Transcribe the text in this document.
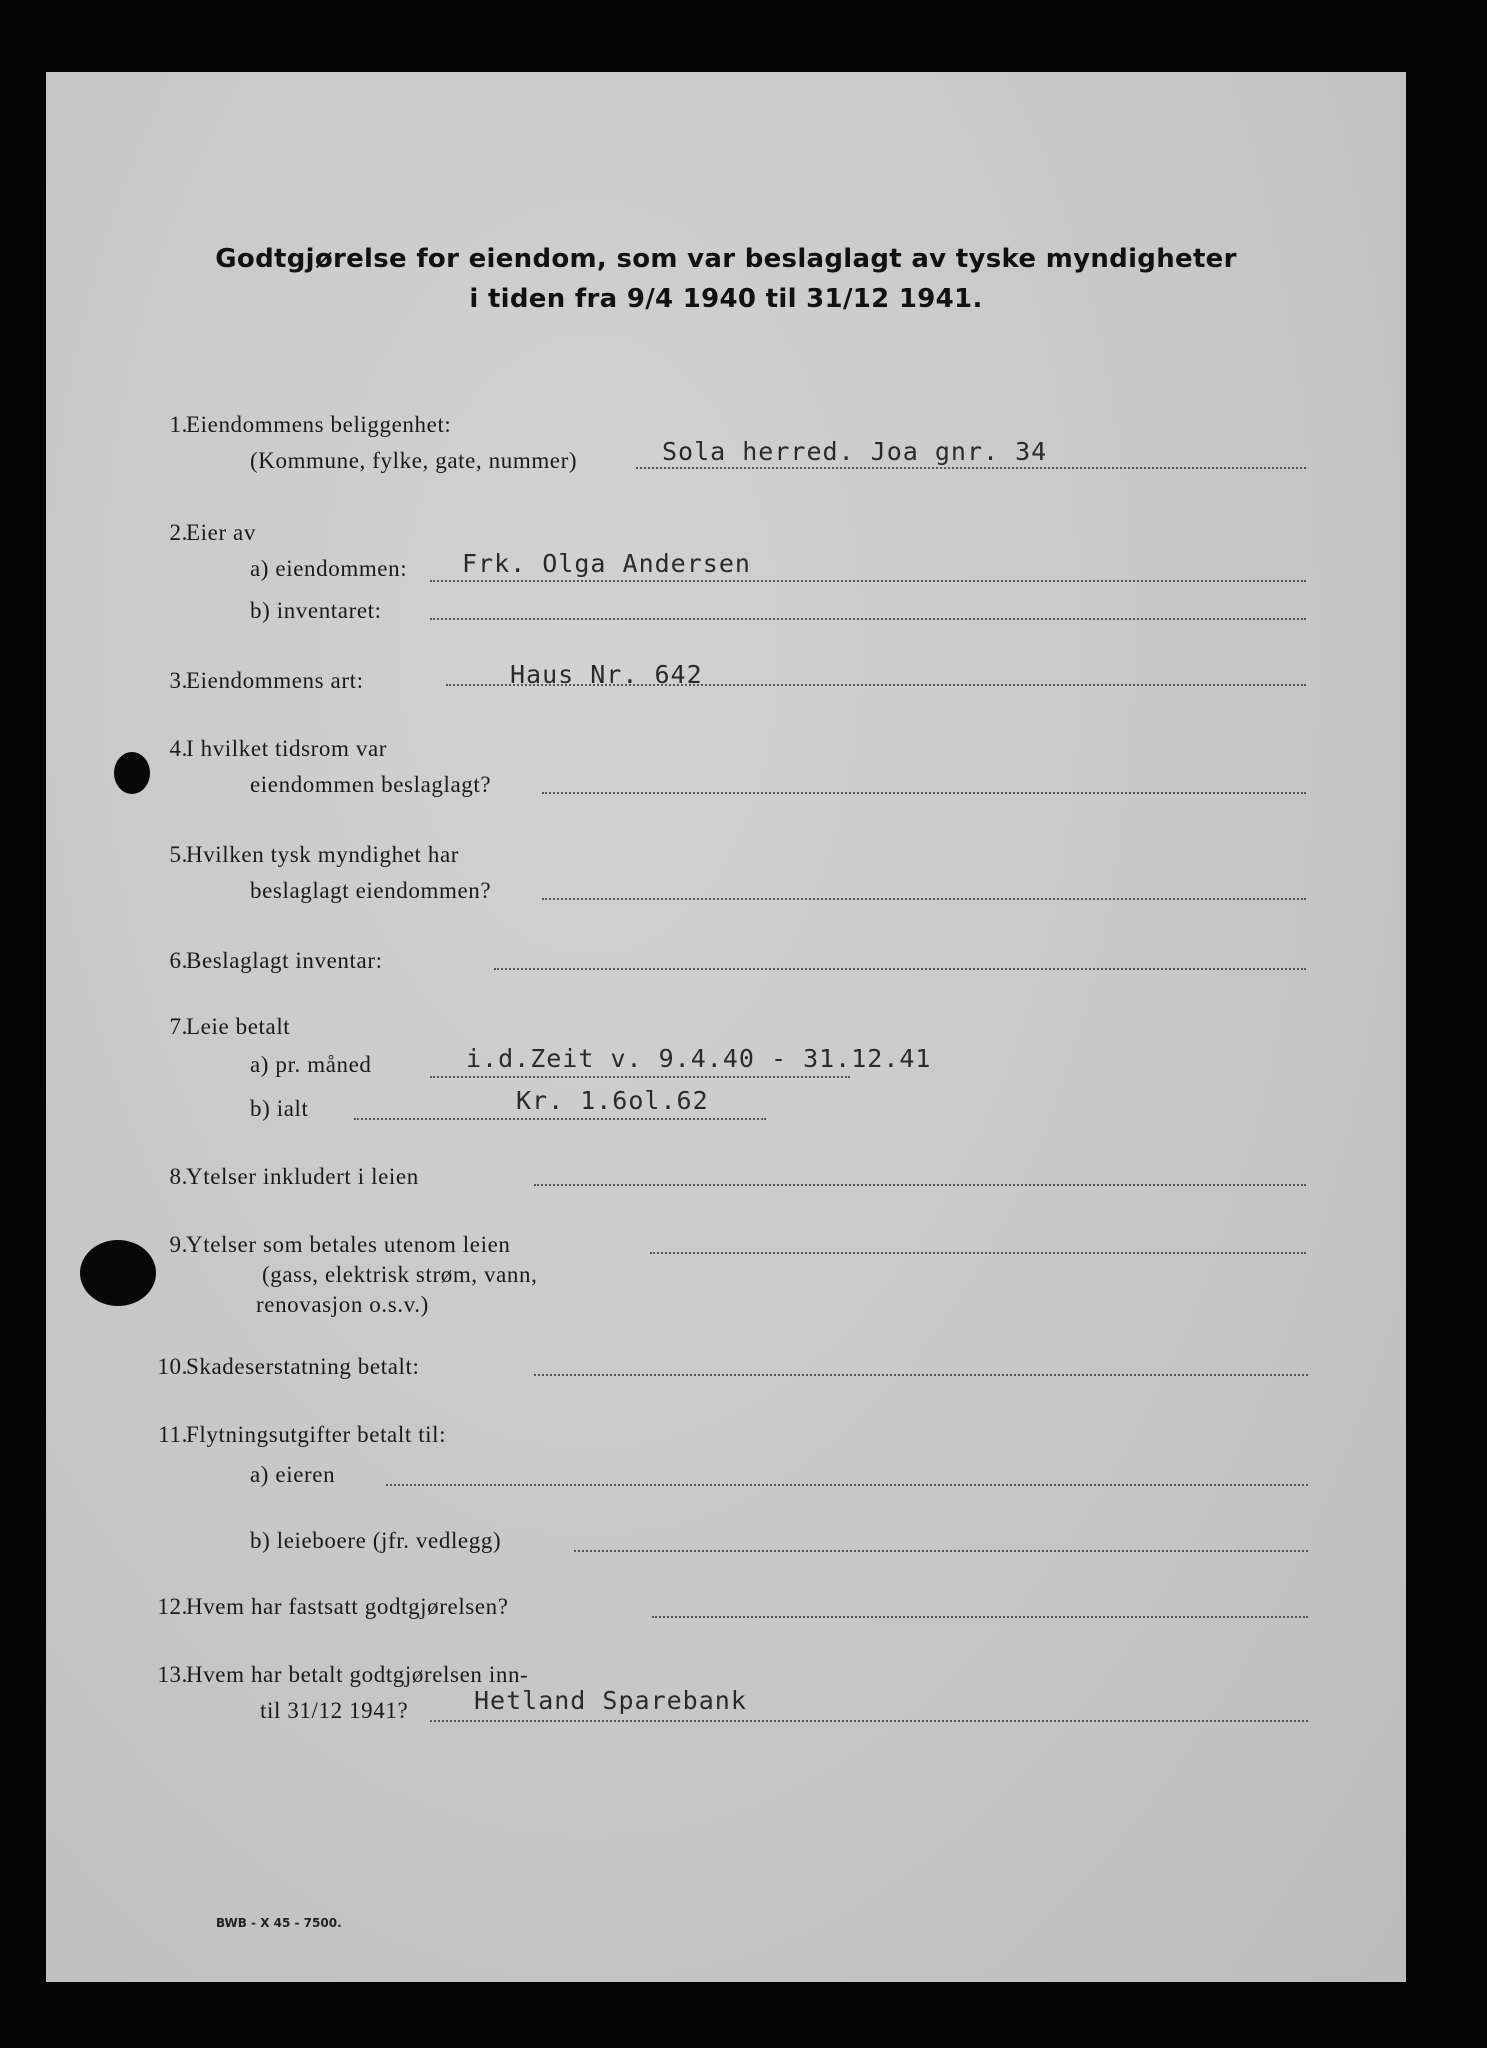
Godtgjørelse for eiendom, som var beslaglagt av tyske myndigheter
i tiden fra 9/4 1940 til 31/12 1941.
1.
Eiendommens beliggenhet:
(Kommune, fylke, gate, nummer)	Sola herred. Joa gnr. 34
2.
Eier av
a) eiendommen: Frk. Olga Andersen
b) inventaret:
3.
Eiendommens art:	Haus Nr. 642
4.
I hvilket tidsrom var
eiendommen beslaglagt?
5.
Hvilken tysk myndighet har
beslaglagt eiendommen?
6.
Beslaglagt inventar:
7.
Leie betalt
a) pr. måned	i.d.Zeit v. 9.4.40 - 31.12.41
b) ialt	Kr. 1.6ol.62
8.
Ytelser inkludert i leien
9.
Ytelser som betales utenom leien
(gass, elektrisk strøm, vann,
renovasjon o.s.v.)
10.
Skadeserstatning betalt:
11.
Flytningsutgifter betalt til:
a) eieren
b) leieboere (jfr. vedlegg)
12.
Hvem har fastsatt godtgjørelsen?
13.
Hvem har betalt godtgjørelsen inn-
til 31/12 1941?	Hetland Sparebank
BWB - X 45 - 7500.
